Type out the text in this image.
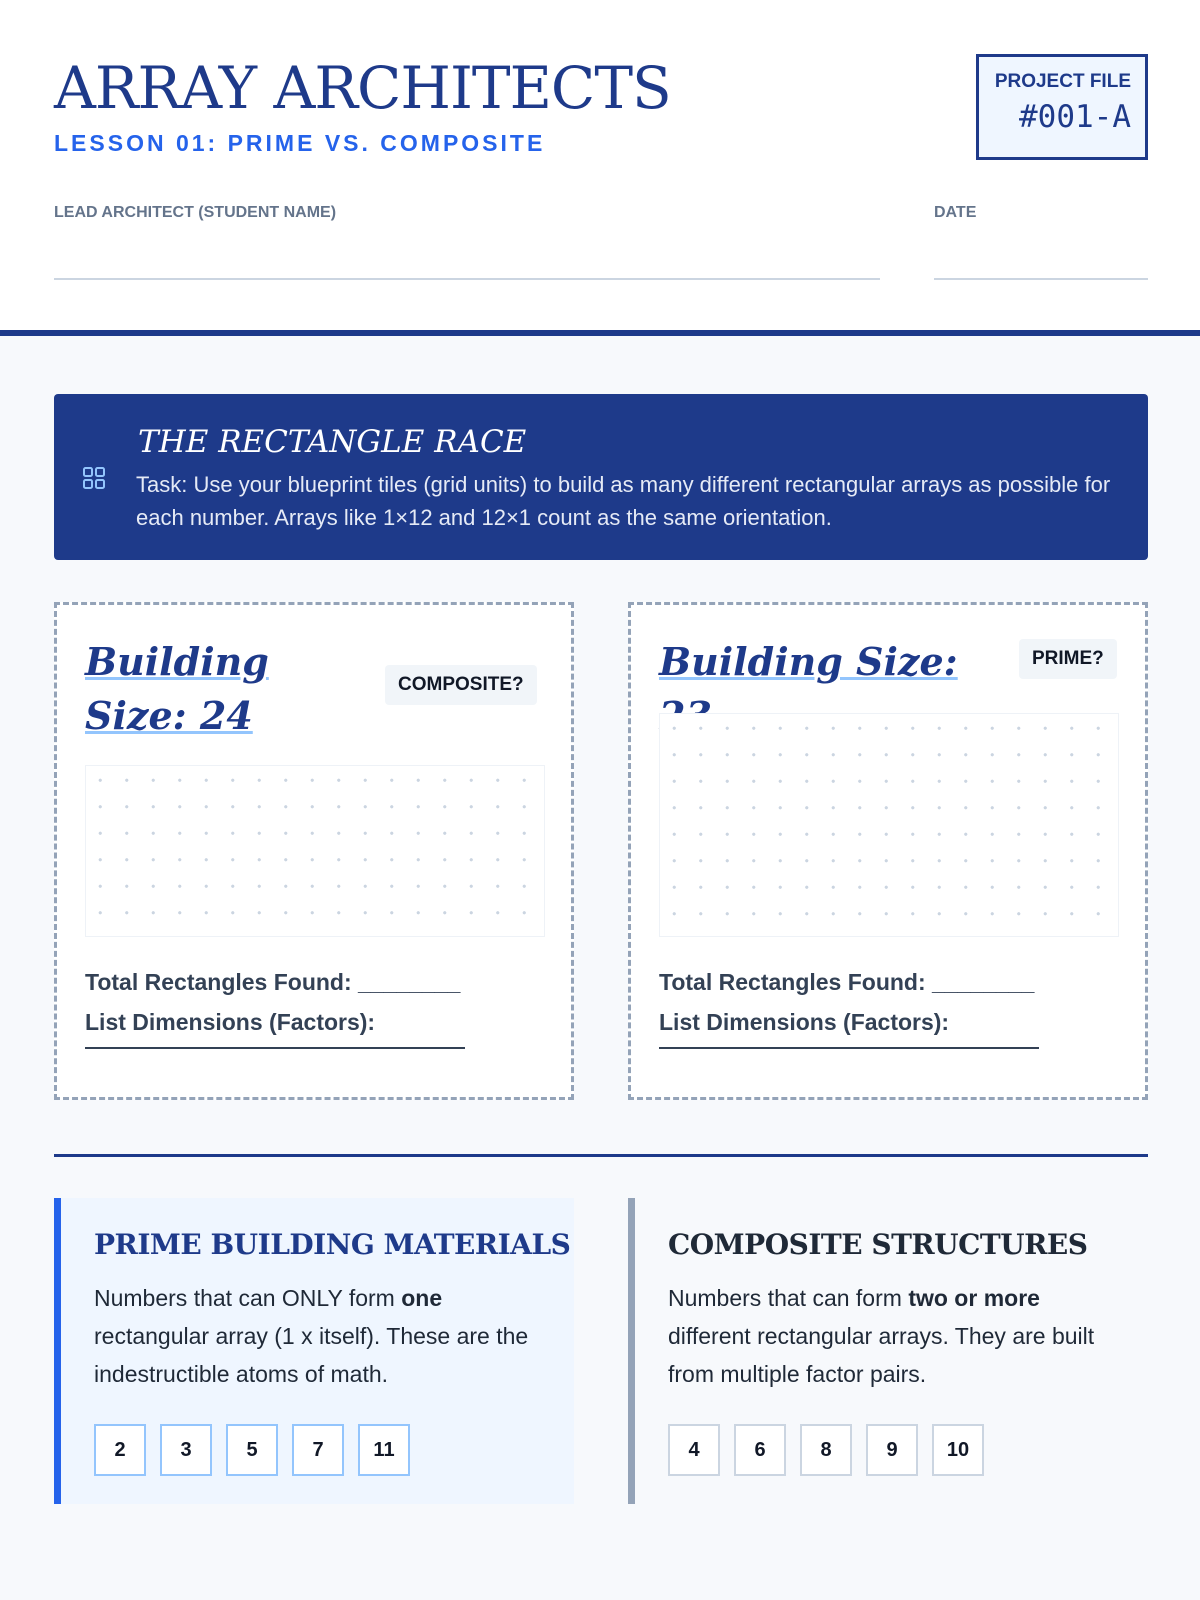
ARRAY ARCHITECTS
LESSON 01: PRIME VS. COMPOSITE
PROJECT FILE
#001-A
LEAD ARCHITECT (STUDENT NAME)	DATE
THE RECTANGLE RACE
Task: Use your blueprint tiles (grid units) to build as many different rectangular arrays as possible for each number. Arrays like 1×12 and 12×1 count as the same orientation.
Building Size: 24
COMPOSITE?
Total Rectangles Found: ________
List Dimensions (Factors):
Building Size:	PRIME?
Total Rectangles Found: ________
List Dimensions (Factors):
PRIME BUILDING MATERIALS
Numbers that can ONLY form one rectangular array (1 x itself). These are the indestructible atoms of math.
2	3	5	7	11
COMPOSITE STRUCTURES
Numbers that can form two or more different rectangular arrays. They are built from multiple factor pairs.
4	6	8	9	10
